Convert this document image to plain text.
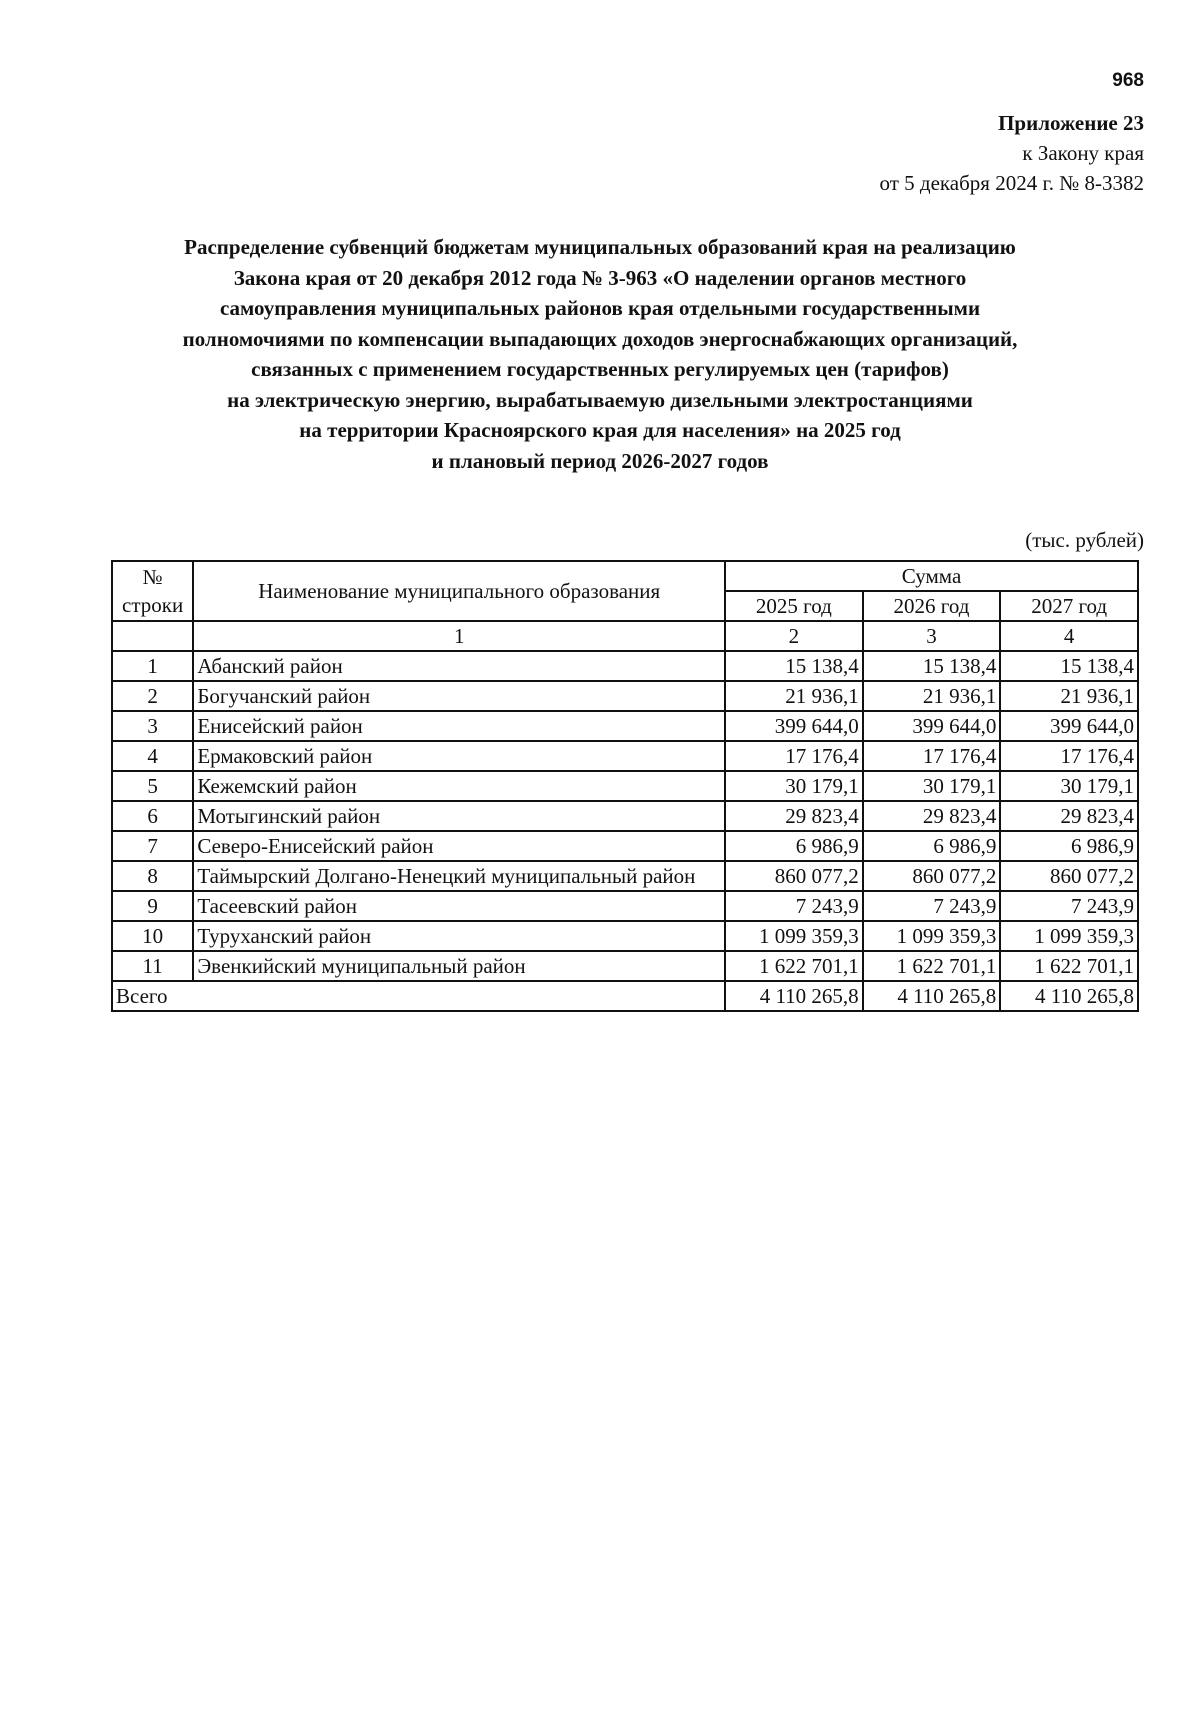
968
Приложение 23
к Закону края
от 5 декабря 2024 г. № 8-3382
Распределение субвенций бюджетам муниципальных образований края на реализацию
Закона края от 20 декабря 2012 года № 3-963 «О наделении органов местного
самоуправления муниципальных районов края отдельными государственными
полномочиями по компенсации выпадающих доходов энергоснабжающих организаций,
связанных с применением государственных регулируемых цен (тарифов)
на электрическую энергию, вырабатываемую дизельными электростанциями
на территории Красноярского края для населения» на 2025 год
и плановый период 2026-2027 годов
(тыс. рублей)
№
строки	Наименование муниципального образования	Сумма		
		2025 год	2026 год	2027 год
	1	2	3	4
1	Абанский район	15 138,4	15 138,4	15 138,4
2	Богучанский район	21 936,1	21 936,1	21 936,1
3	Енисейский район	399 644,0	399 644,0	399 644,0
4	Ермаковский район	17 176,4	17 176,4	17 176,4
5	Кежемский район	30 179,1	30 179,1	30 179,1
6	Мотыгинский район	29 823,4	29 823,4	29 823,4
7	Северо-Енисейский район	6 986,9	6 986,9	6 986,9
8	Таймырский Долгано-Ненецкий муниципальный район	860 077,2	860 077,2	860 077,2
9	Тасеевский район	7 243,9	7 243,9	7 243,9
10	Туруханский район	1 099 359,3	1 099 359,3	1 099 359,3
11	Эвенкийский муниципальный район	1 622 701,1	1 622 701,1	1 622 701,1
Всего		4 110 265,8	4 110 265,8	4 110 265,8
